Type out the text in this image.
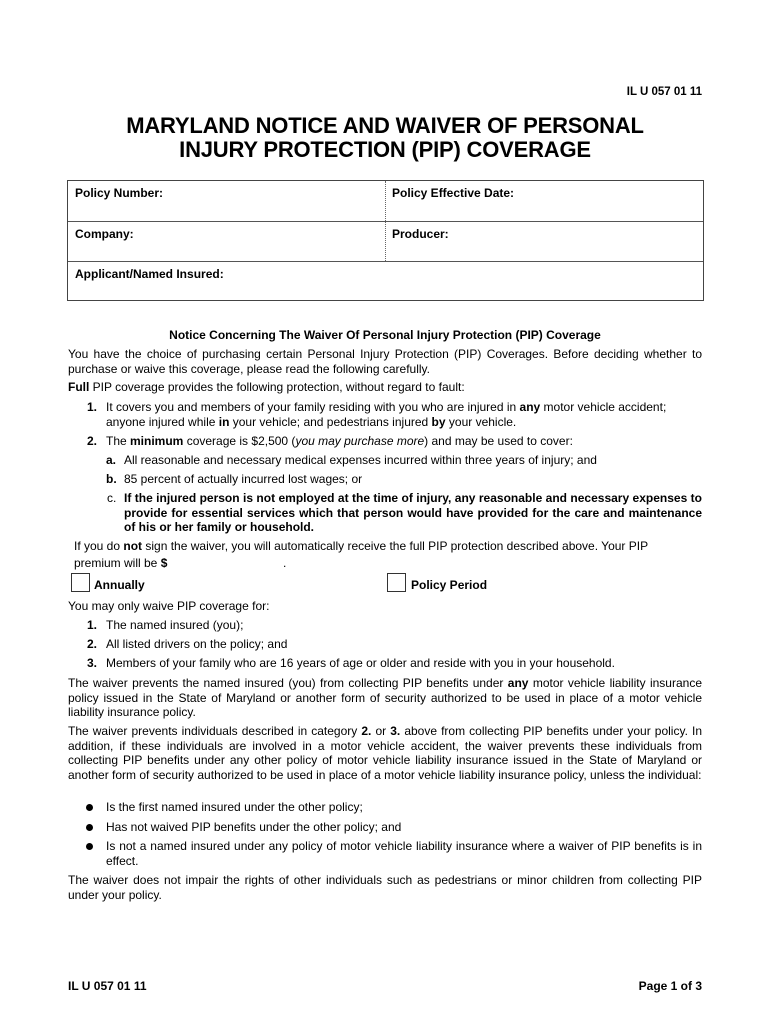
IL U 057 01 11
MARYLAND NOTICE AND WAIVER OF PERSONAL
INJURY PROTECTION (PIP) COVERAGE
Policy Number:	Policy Effective Date:
Company:	Producer:
Applicant/Named Insured:
Notice Concerning The Waiver Of Personal Injury Protection (PIP) Coverage
You have the choice of purchasing certain Personal Injury Protection (PIP) Coverages. Before deciding whether to purchase or waive this coverage, please read the following carefully.
Full PIP coverage provides the following protection, without regard to fault:
1. It covers you and members of your family residing with you who are injured in any motor vehicle accident; anyone injured while in your vehicle; and pedestrians injured by your vehicle.
2. The minimum coverage is $2,500 (you may purchase more) and may be used to cover:
a. All reasonable and necessary medical expenses incurred within three years of injury; and
b. 85 percent of actually incurred lost wages; or
c. If the injured person is not employed at the time of injury, any reasonable and necessary expenses to provide for essential services which that person would have provided for the care and maintenance of his or her family or household.
If you do not sign the waiver, you will automatically receive the full PIP protection described above. Your PIP
premium will be $	.
Annually	Policy Period
You may only waive PIP coverage for:
1. The named insured (you);
2. All listed drivers on the policy; and
3. Members of your family who are 16 years of age or older and reside with you in your household.
The waiver prevents the named insured (you) from collecting PIP benefits under any motor vehicle liability insurance policy issued in the State of Maryland or another form of security authorized to be used in place of a motor vehicle liability insurance policy.
The waiver prevents individuals described in category 2. or 3. above from collecting PIP benefits under your policy. In addition, if these individuals are involved in a motor vehicle accident, the waiver prevents these individuals from collecting PIP benefits under any other policy of motor vehicle liability insurance issued in the State of Maryland or another form of security authorized to be used in place of a motor vehicle liability insurance policy, unless the individual:
Is the first named insured under the other policy;
Has not waived PIP benefits under the other policy; and
Is not a named insured under any policy of motor vehicle liability insurance where a waiver of PIP benefits is in effect.
The waiver does not impair the rights of other individuals such as pedestrians or minor children from collecting PIP under your policy.
IL U 057 01 11	Page 1 of 3
